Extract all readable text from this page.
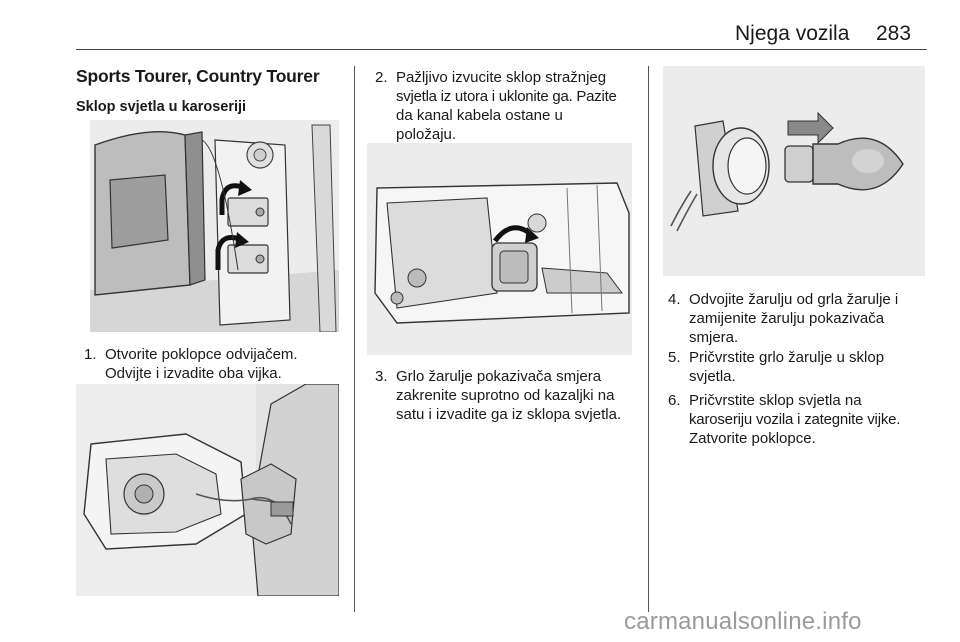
Njega vozila 283
Sports Tourer, Country Tourer
Sklop svjetla u karoseriji
1. Otvorite poklopce odvijačem.
Odvijte i izvadite oba vijka.
2. Pažljivo izvucite sklop stražnjeg
svjetla iz utora i uklonite ga. Pazite
da kanal kabela ostane u
položaju.
3. Grlo žarulje pokazivača smjera
zakrenite suprotno od kazaljki na
satu i izvadite ga iz sklopa svjetla.
4. Odvojite žarulju od grla žarulje i
zamijenite žarulju pokazivača
smjera.
5. Pričvrstite grlo žarulje u sklop
svjetla.
6. Pričvrstite sklop svjetla na
karoseriju vozila i zategnite vijke.
Zatvorite poklopce.
carmanualsonline.info
